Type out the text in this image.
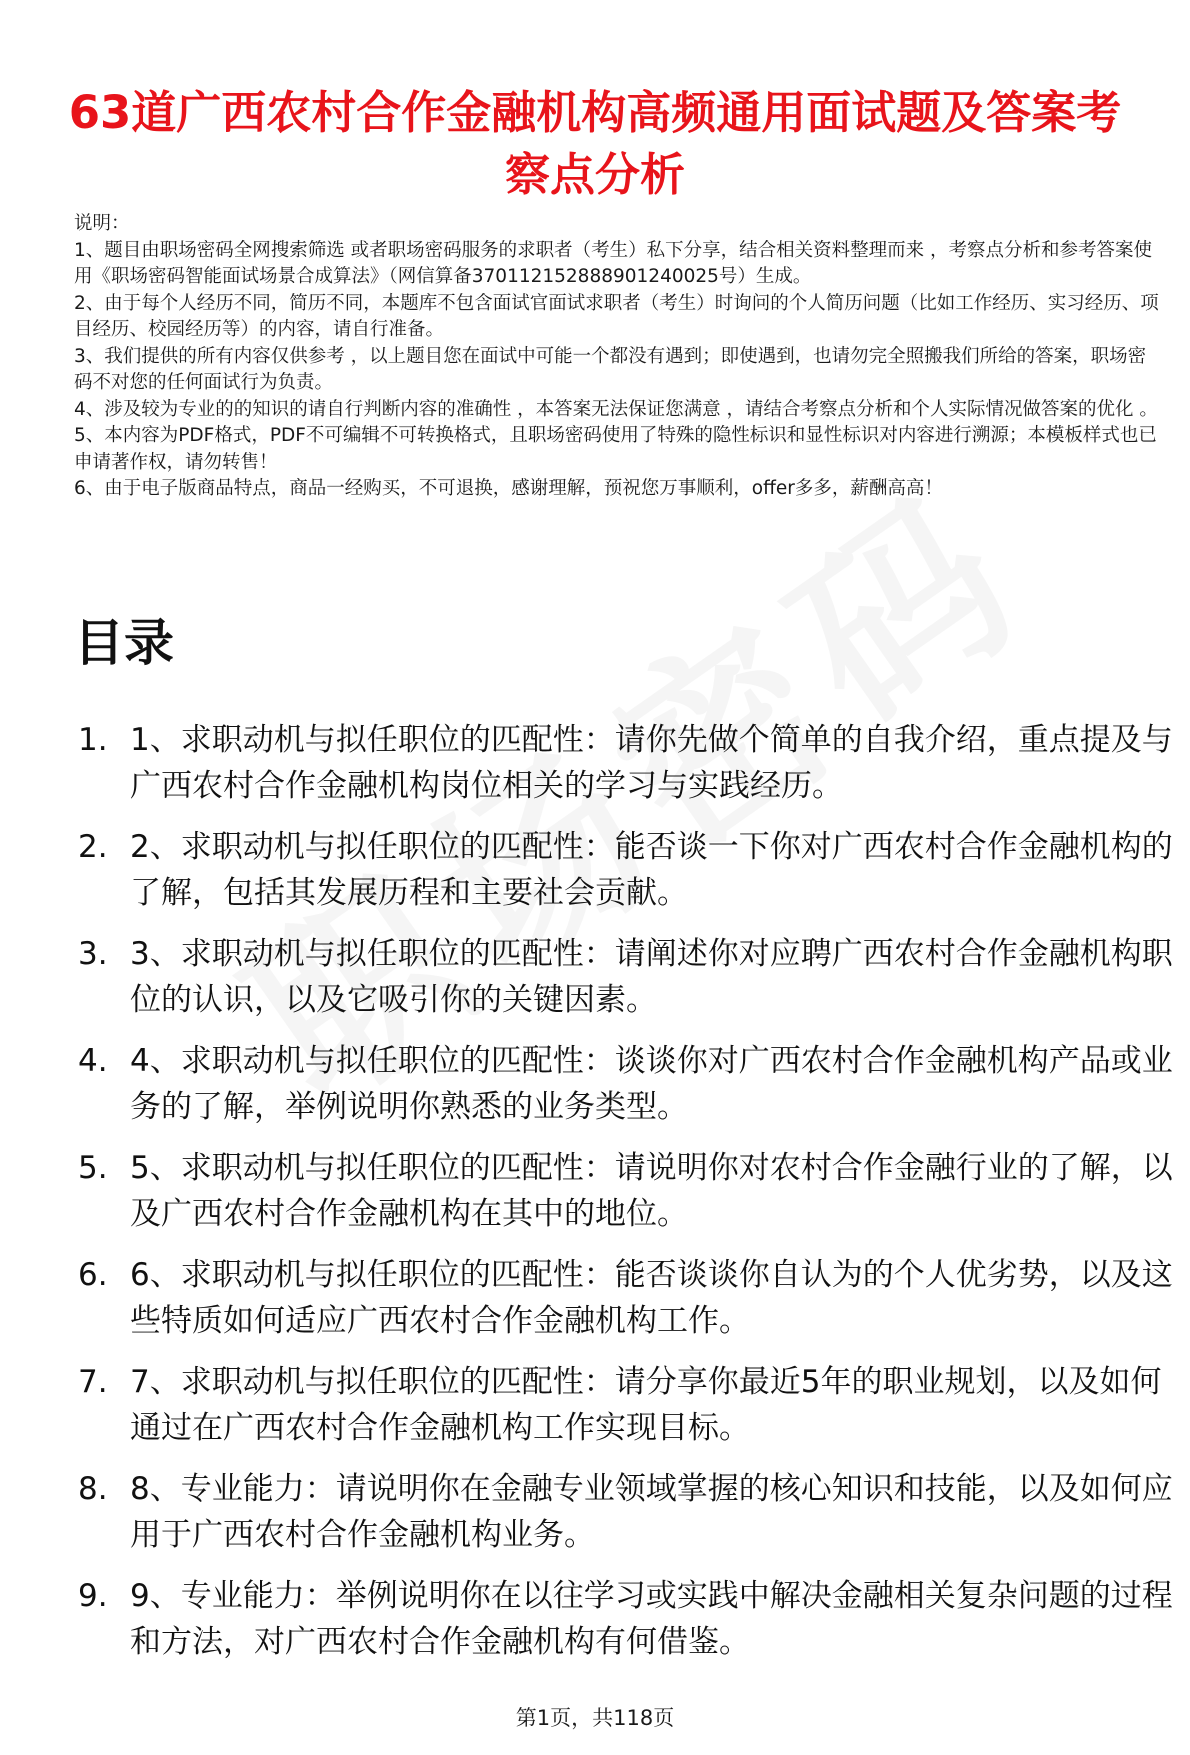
63道广西农村合作金融机构高频通用面试题及答案考察点分析

说明：

1、题目由职场密码全网搜索筛选 或者职场密码服务的求职者（考生）私下分享，结合相关资料整理而来 ，考察点分析和参考答案使用《职场密码智能面试场景合成算法》（网信算备370112152888901240025号）生成。

2、由于每个人经历不同，简历不同，本题库不包含面试官面试求职者（考生）时询问的个人简历问题（比如工作经历、实习经历、项目经历、校园经历等）的内容，请自行准备。

3、我们提供的所有内容仅供参考 ，以上题目您在面试中可能一个都没有遇到；即使遇到，也请勿完全照搬我们所给的答案，职场密码不对您的任何面试行为负责。

4、涉及较为专业的的知识的请自行判断内容的准确性 ，本答案无法保证您满意 ，请结合考察点分析和个人实际情况做答案的优化 。

5、本内容为PDF格式，PDF不可编辑不可转换格式，且职场密码使用了特殊的隐性标识和显性标识对内容进行溯源；本模板样式也已申请著作权，请勿转售！

6、由于电子版商品特点，商品一经购买，不可退换，感谢理解，预祝您万事顺利，offer多多，薪酬高高！

目录
1. 1、求职动机与拟任职位的匹配性：请你先做个简单的自我介绍，重点提及与广西农村合作金融机构岗位相关的学习与实践经历。
2. 2、求职动机与拟任职位的匹配性：能否谈一下你对广西农村合作金融机构的了解，包括其发展历程和主要社会贡献。
3. 3、求职动机与拟任职位的匹配性：请阐述你对应聘广西农村合作金融机构职位的认识，以及它吸引你的关键因素。
4. 4、求职动机与拟任职位的匹配性：谈谈你对广西农村合作金融机构产品或业务的了解，举例说明你熟悉的业务类型。
5. 5、求职动机与拟任职位的匹配性：请说明你对农村合作金融行业的了解，以及广西农村合作金融机构在其中的地位。
6. 6、求职动机与拟任职位的匹配性：能否谈谈你自认为的个人优劣势，以及这些特质如何适应广西农村合作金融机构工作。
7. 7、求职动机与拟任职位的匹配性：请分享你最近5年的职业规划，以及如何通过在广西农村合作金融机构工作实现目标。
8. 8、专业能力：请说明你在金融专业领域掌握的核心知识和技能，以及如何应用于广西农村合作金融机构业务。
9. 9、专业能力：举例说明你在以往学习或实践中解决金融相关复杂问题的过程和方法，对广西农村合作金融机构有何借鉴。
第1页，共118页
